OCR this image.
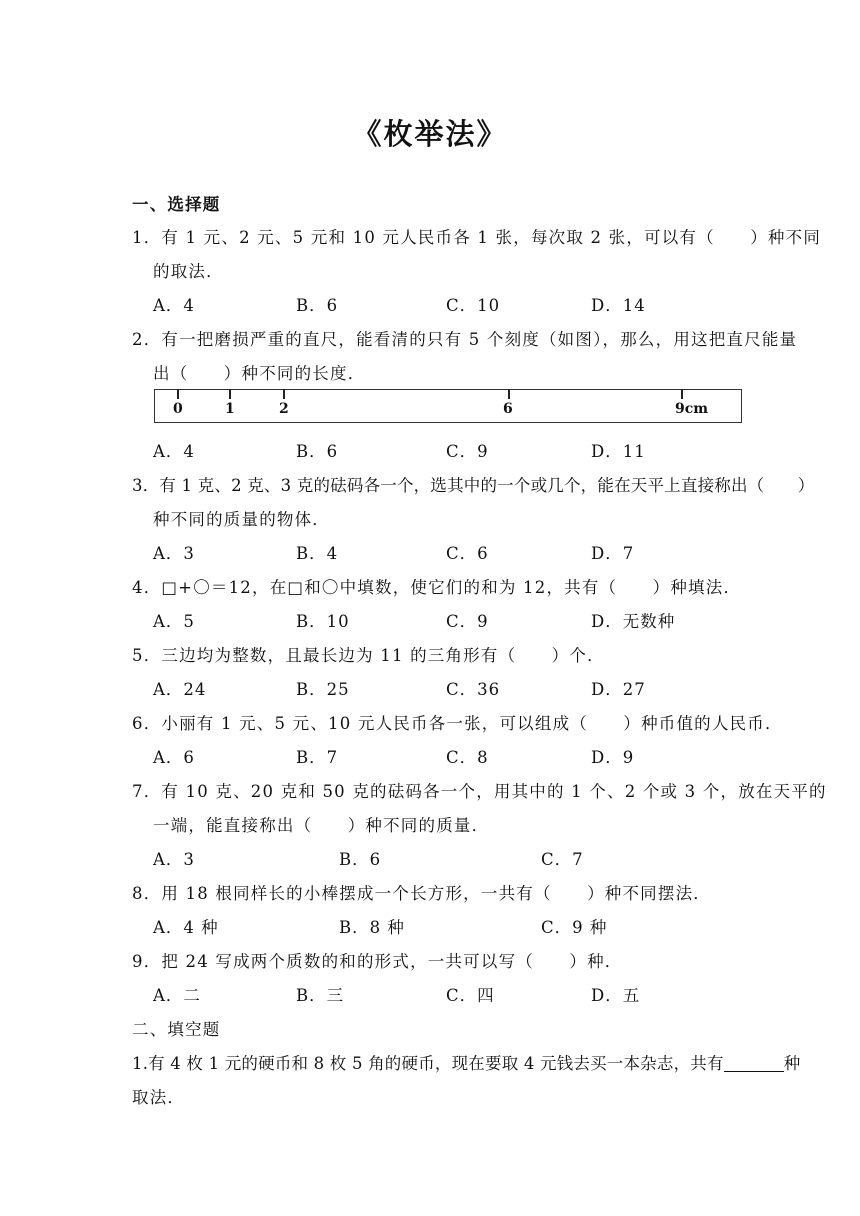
《枚举法》
一、选择题
1．有 1 元、2 元、5 元和 10 元人民币各 1 张，每次取 2 张，可以有（　　）种不同
的取法．
A．4	B．6	C．10	D．14
2．有一把磨损严重的直尺，能看清的只有 5 个刻度（如图），那么，用这把直尺能量
出（　　）种不同的长度．
0	1	2	6	9cm
A．4	B．6	C．9	D．11
3．有 1 克、2 克、3 克的砝码各一个，选其中的一个或几个，能在天平上直接称出（　　）
种不同的质量的物体．
A．3	B．4	C．6	D．7
4．□+〇＝12，在□和〇中填数，使它们的和为 12，共有（　　）种填法．
A．5	B．10	C．9	D．无数种
5．三边均为整数，且最长边为 11 的三角形有（　　）个．
A．24	B．25	C．36	D．27
6．小丽有 1 元、5 元、10 元人民币各一张，可以组成（　　）种币值的人民币．
A．6	B．7	C．8	D．9
7．有 10 克、20 克和 50 克的砝码各一个，用其中的 1 个、2 个或 3 个，放在天平的
一端，能直接称出（　　）种不同的质量．
A．3	B．6	C．7
8．用 18 根同样长的小棒摆成一个长方形，一共有（　　）种不同摆法．
A．4 种	B．8 种	C．9 种
9．把 24 写成两个质数的和的形式，一共可以写（　　）种．
A．二	B．三	C．四	D．五
二、填空题
1.有 4 枚 1 元的硬币和 8 枚 5 角的硬币，现在要取 4 元钱去买一本杂志，共有	种
取法．
